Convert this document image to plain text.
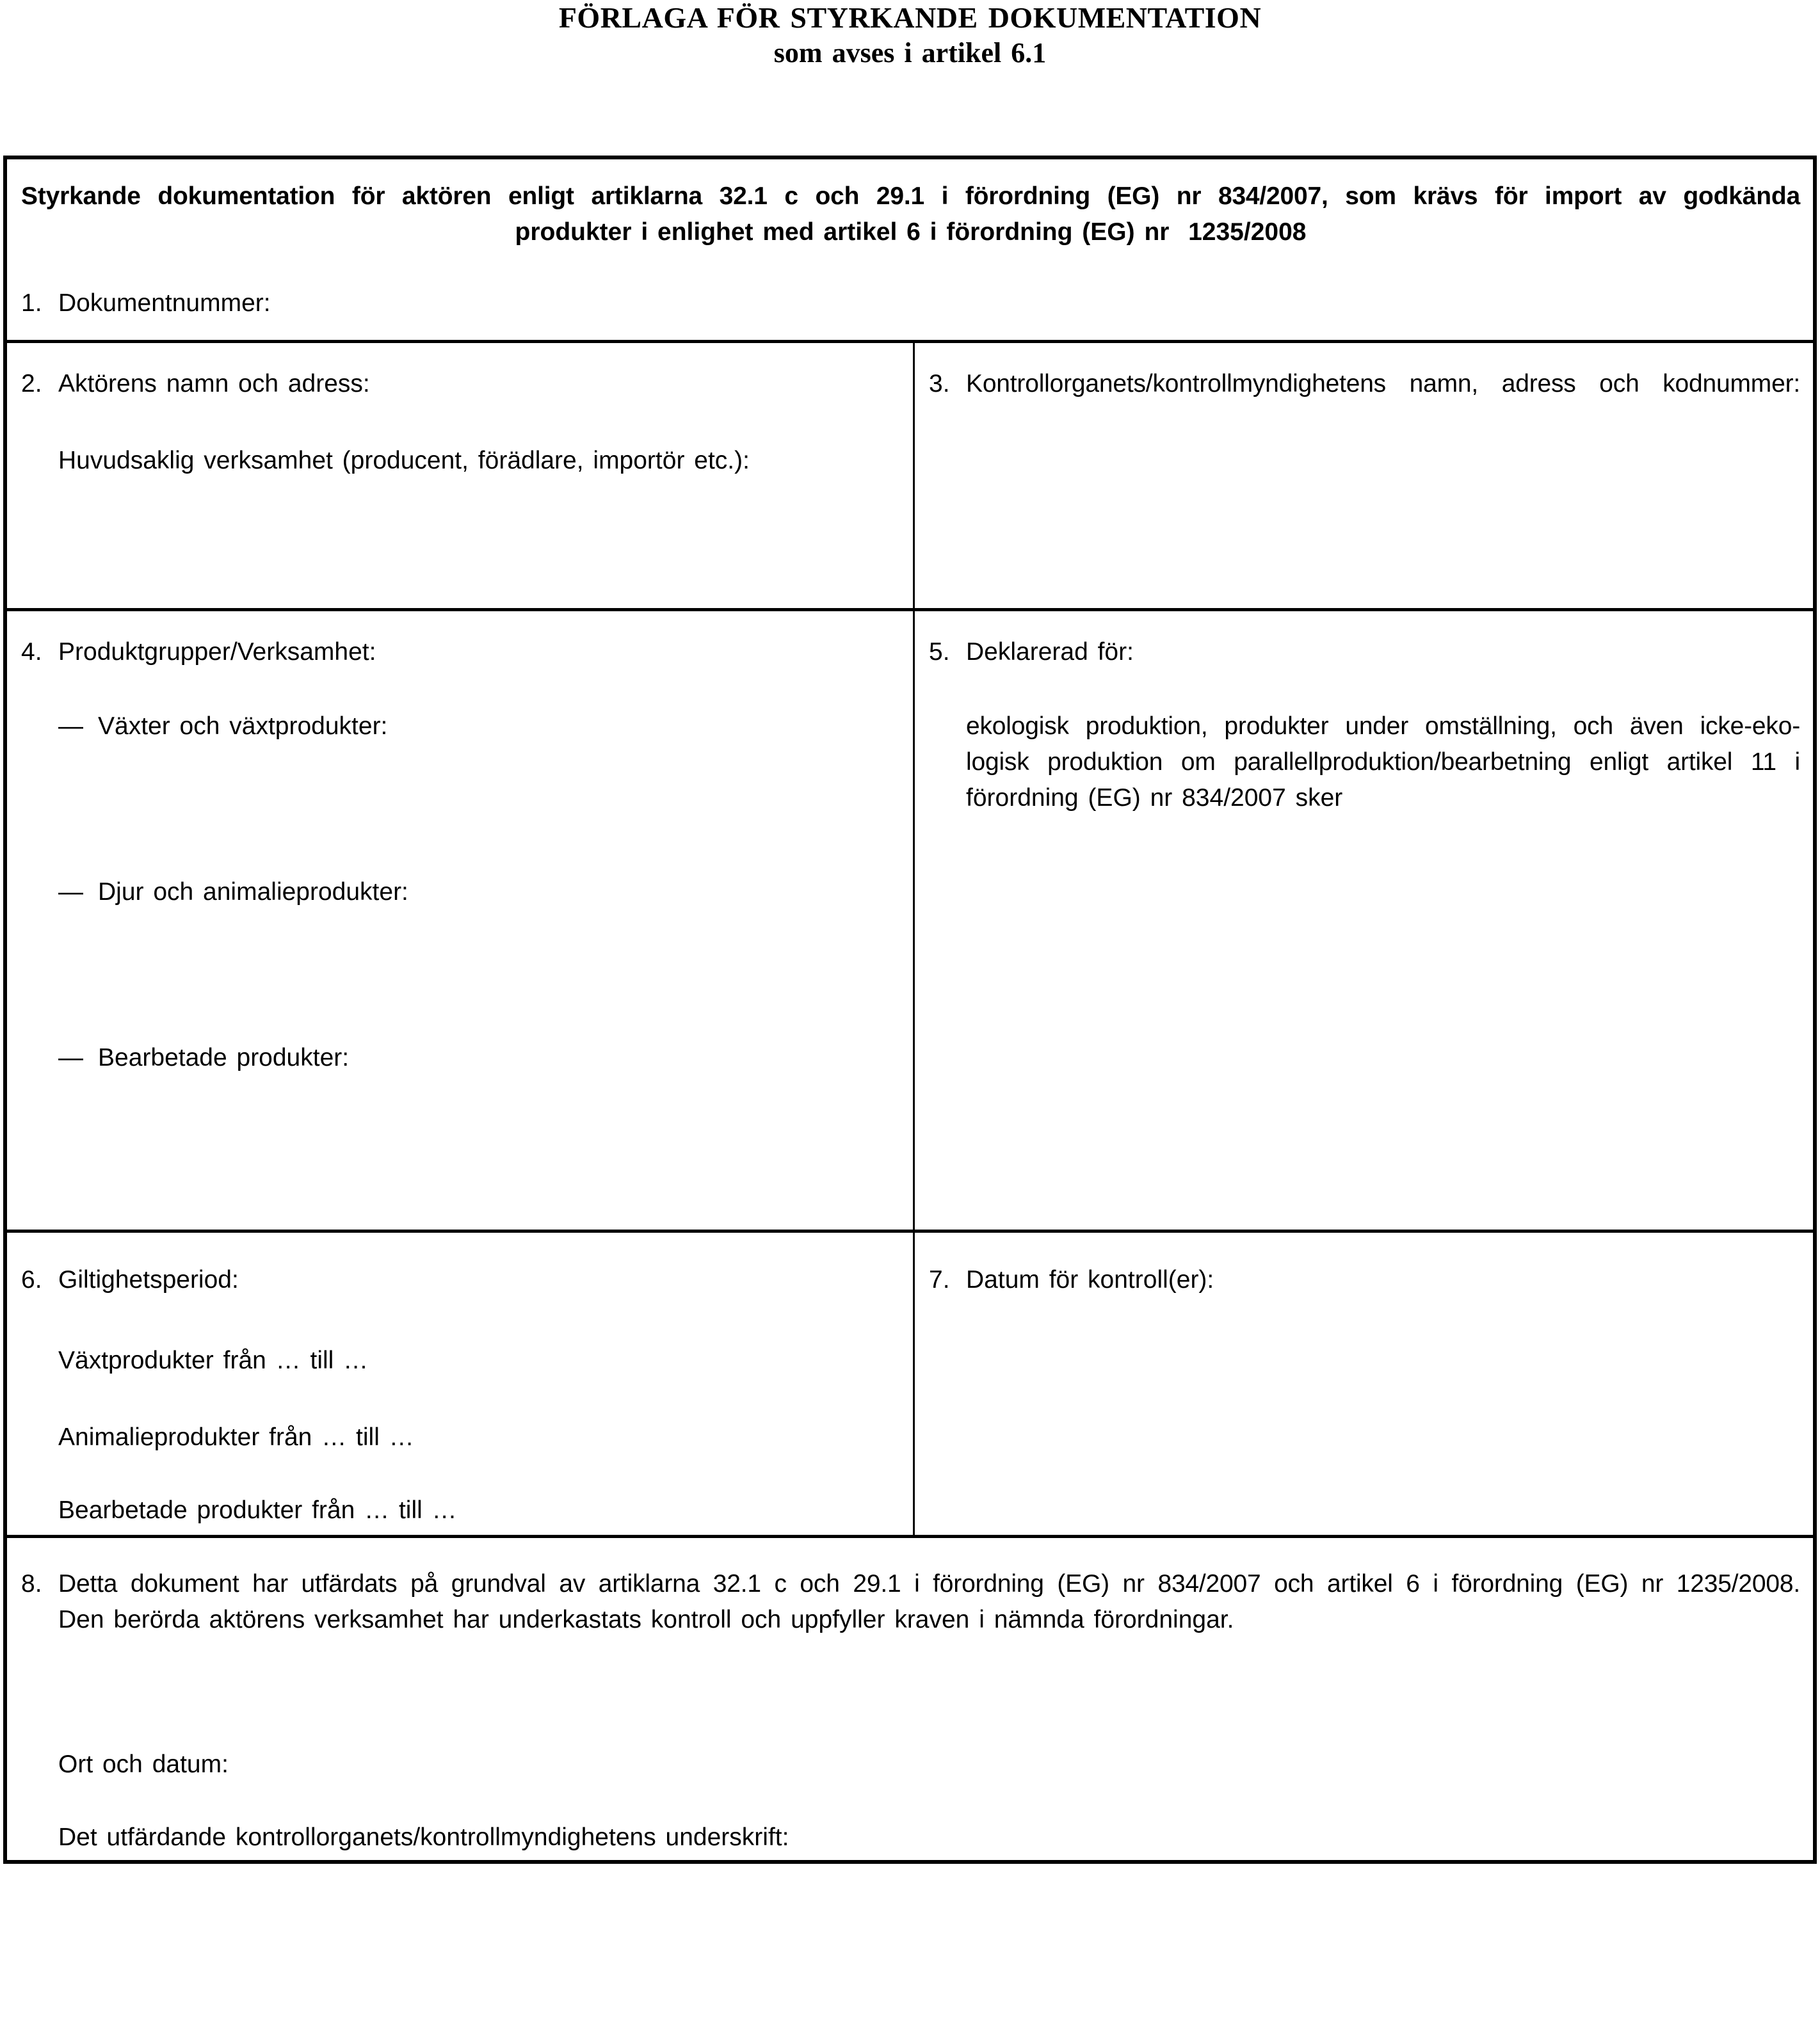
FÖRLAGA FÖR STYRKANDE DOKUMENTATION
som avses i artikel 6.1
Styrkande dokumentation för aktören enligt artiklarna 32.1 c och 29.1 i förordning (EG) nr 834/2007, som krävs för import av godkända
produkter i enlighet med artikel 6 i förordning (EG) nr  1235/2008
1. Dokumentnummer:
2. Aktörens namn och adress:
Huvudsaklig verksamhet (producent, förädlare, importör etc.):
3. Kontrollorganets/kontrollmyndighetens namn, adress och kodnummer:
4. Produktgrupper/Verksamhet:
— Växter och växtprodukter:
— Djur och animalieprodukter:
— Bearbetade produkter:
5. Deklarerad för:
ekologisk produktion, produkter under omställning, och även icke-eko-
logisk produktion om parallellproduktion/bearbetning enligt artikel 11 i
förordning (EG) nr 834/2007 sker
6. Giltighetsperiod:
Växtprodukter från … till …
Animalieprodukter från … till …
Bearbetade produkter från … till …
7. Datum för kontroll(er):
8. Detta dokument har utfärdats på grundval av artiklarna 32.1 c och 29.1 i förordning (EG) nr 834/2007 och artikel 6 i förordning (EG) nr 1235/2008.
Den berörda aktörens verksamhet har underkastats kontroll och uppfyller kraven i nämnda förordningar.
Ort och datum:
Det utfärdande kontrollorganets/kontrollmyndighetens underskrift:
